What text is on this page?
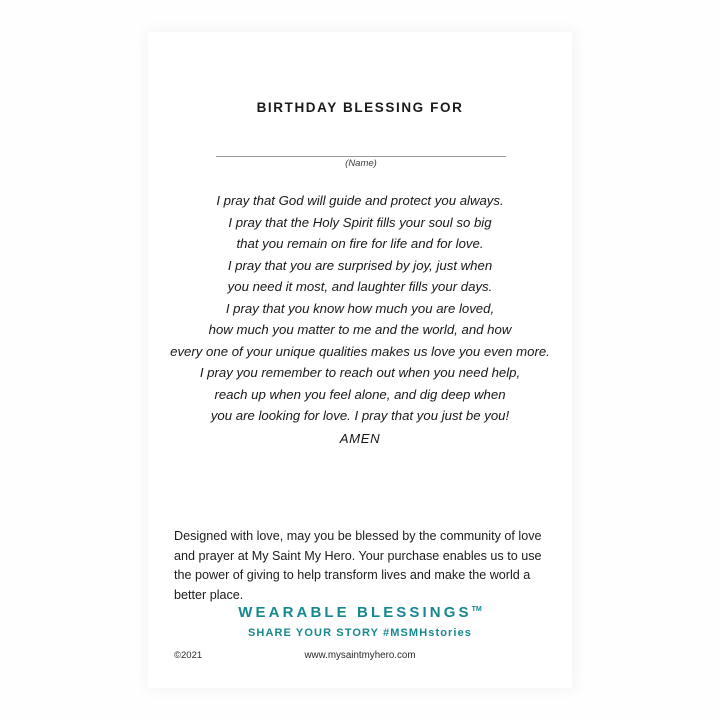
BIRTHDAY BLESSING FOR
(Name)
I pray that God will guide and protect you always.
I pray that the Holy Spirit fills your soul so big
that you remain on fire for life and for love.
I pray that you are surprised by joy, just when
you need it most, and laughter fills your days.
I pray that you know how much you are loved,
how much you matter to me and the world, and how
every one of your unique qualities makes us love you even more.
I pray you remember to reach out when you need help,
reach up when you feel alone, and dig deep when
you are looking for love. I pray that you just be you!
AMEN
Designed with love, may you be blessed by the community of love and prayer at My Saint My Hero. Your purchase enables us to use the power of giving to help transform lives and make the world a better place.
WEARABLE BLESSINGS™
SHARE YOUR STORY #MSMHstories
©2021	www.mysaintmyhero.com
